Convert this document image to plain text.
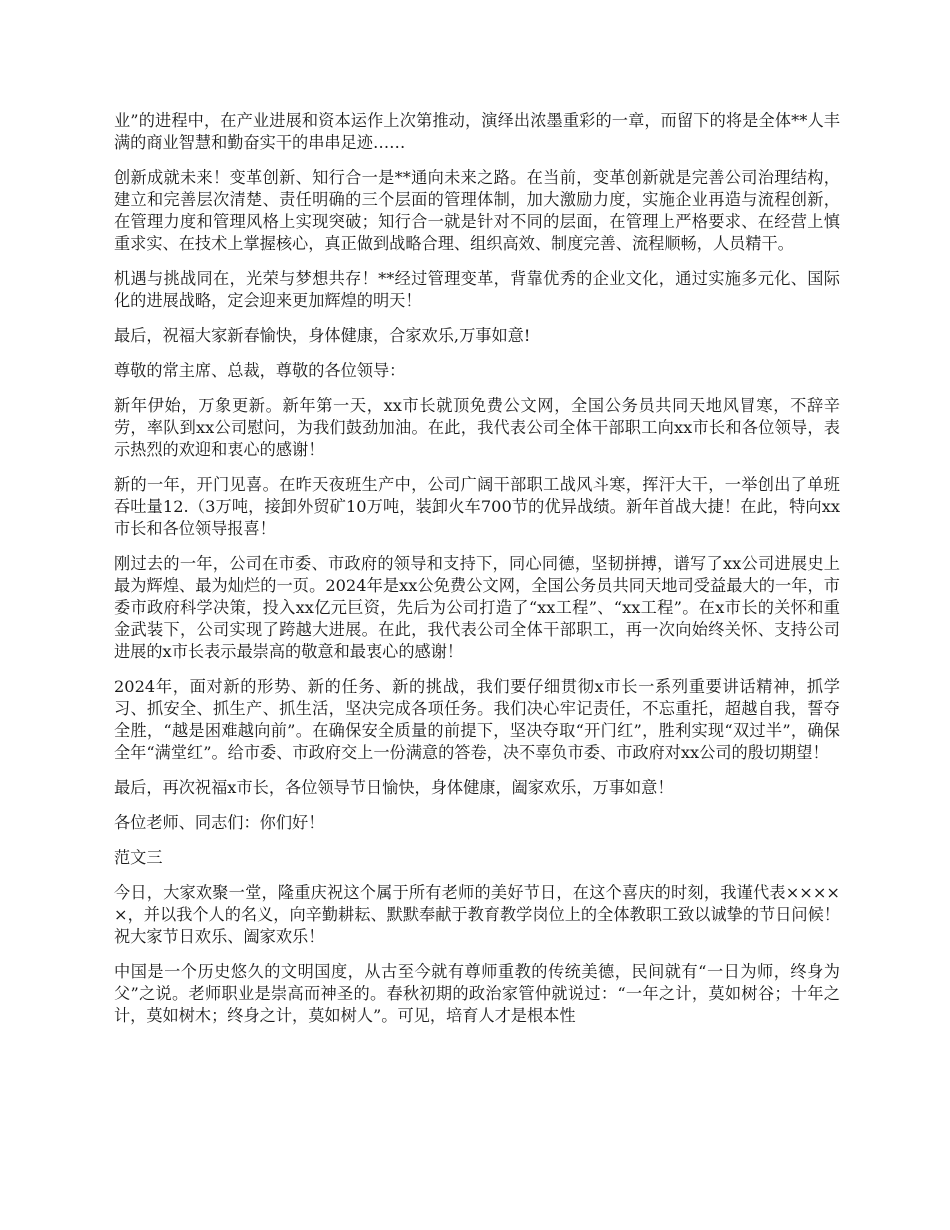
业”的进程中，在产业进展和资本运作上次第推动，演绎出浓墨重彩的一章，而留下的将是全体**人丰满的商业智慧和勤奋实干的串串足迹……

创新成就未来！变革创新、知行合一是**通向未来之路。在当前，变革创新就是完善公司治理结构，建立和完善层次清楚、责任明确的三个层面的管理体制，加大激励力度，实施企业再造与流程创新，在管理力度和管理风格上实现突破；知行合一就是针对不同的层面，在管理上严格要求、在经营上慎重求实、在技术上掌握核心，真正做到战略合理、组织高效、制度完善、流程顺畅，人员精干。

机遇与挑战同在，光荣与梦想共存！**经过管理变革，背靠优秀的企业文化，通过实施多元化、国际化的进展战略，定会迎来更加辉煌的明天！

最后，祝福大家新春愉快，身体健康，合家欢乐,万事如意!

尊敬的常主席、总裁，尊敬的各位领导：

新年伊始，万象更新。新年第一天，xx市长就顶免费公文网，全国公务员共同天地风冒寒，不辞辛劳，率队到xx公司慰问，为我们鼓劲加油。在此，我代表公司全体干部职工向xx市长和各位领导，表示热烈的欢迎和衷心的感谢！

新的一年，开门见喜。在昨天夜班生产中，公司广阔干部职工战风斗寒，挥汗大干，一举创出了单班吞吐量12.（3万吨，接卸外贸矿10万吨，装卸火车700节的优异战绩。新年首战大捷！在此，特向xx市长和各位领导报喜！

刚过去的一年，公司在市委、市政府的领导和支持下，同心同德，坚韧拼搏，谱写了xx公司进展史上最为辉煌、最为灿烂的一页。2024年是xx公免费公文网，全国公务员共同天地司受益最大的一年，市委市政府科学决策，投入xx亿元巨资，先后为公司打造了“xx工程”、“xx工程”。在x市长的关怀和重金武装下，公司实现了跨越大进展。在此，我代表公司全体干部职工，再一次向始终关怀、支持公司进展的x市长表示最崇高的敬意和最衷心的感谢！

2024年，面对新的形势、新的任务、新的挑战，我们要仔细贯彻x市长一系列重要讲话精神，抓学习、抓安全、抓生产、抓生活，坚决完成各项任务。我们决心牢记责任，不忘重托，超越自我，誓夺全胜，“越是困难越向前”。在确保安全质量的前提下，坚决夺取“开门红”，胜利实现“双过半”，确保全年“满堂红”。给市委、市政府交上一份满意的答卷，决不辜负市委、市政府对xx公司的殷切期望！

最后，再次祝福x市长，各位领导节日愉快，身体健康，阖家欢乐，万事如意！

各位老师、同志们：你们好！

范文三

今日，大家欢聚一堂，隆重庆祝这个属于所有老师的美好节日，在这个喜庆的时刻，我谨代表×××××，并以我个人的名义，向辛勤耕耘、默默奉献于教育教学岗位上的全体教职工致以诚挚的节日问候！祝大家节日欢乐、阖家欢乐！

中国是一个历史悠久的文明国度，从古至今就有尊师重教的传统美德，民间就有“一日为师，终身为父”之说。老师职业是崇高而神圣的。春秋初期的政治家管仲就说过：“一年之计，莫如树谷；十年之计，莫如树木；终身之计，莫如树人”。可见，培育人才是根本性
